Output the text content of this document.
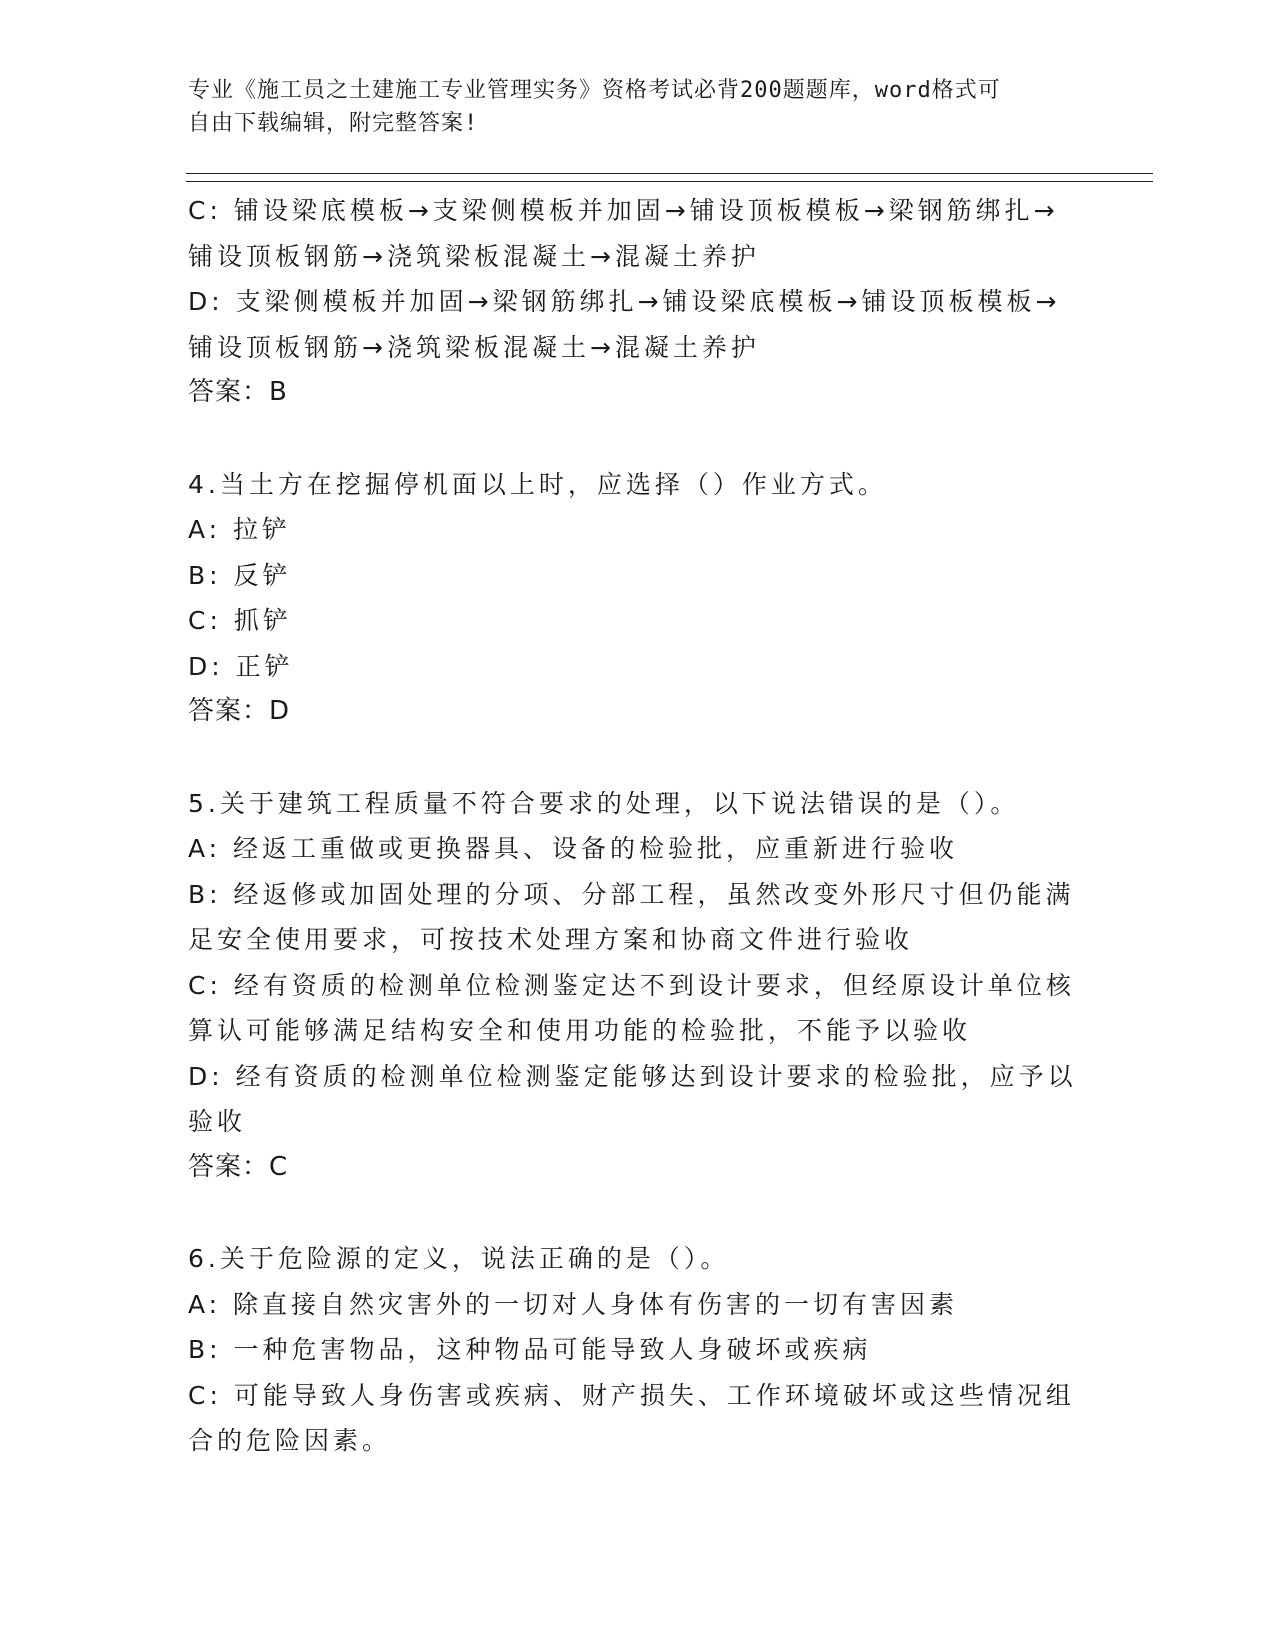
专业《施工员之土建施工专业管理实务》资格考试必背200题题库，word格式可
自由下载编辑，附完整答案!
C: 铺设梁底模板→支梁侧模板并加固→铺设顶板模板→梁钢筋绑扎→
铺设顶板钢筋→浇筑梁板混凝土→混凝土养护
D: 支梁侧模板并加固→梁钢筋绑扎→铺设梁底模板→铺设顶板模板→
铺设顶板钢筋→浇筑梁板混凝土→混凝土养护
答案：B
4.当土方在挖掘停机面以上时，应选择（）作业方式。
A: 拉铲
B: 反铲
C: 抓铲
D: 正铲
答案：D
5.关于建筑工程质量不符合要求的处理，以下说法错误的是（）。
A: 经返工重做或更换器具、设备的检验批，应重新进行验收
B: 经返修或加固处理的分项、分部工程，虽然改变外形尺寸但仍能满
足安全使用要求，可按技术处理方案和协商文件进行验收
C: 经有资质的检测单位检测鉴定达不到设计要求，但经原设计单位核
算认可能够满足结构安全和使用功能的检验批，不能予以验收
D: 经有资质的检测单位检测鉴定能够达到设计要求的检验批，应予以
验收
答案：C
6.关于危险源的定义，说法正确的是（）。
A: 除直接自然灾害外的一切对人身体有伤害的一切有害因素
B: 一种危害物品，这种物品可能导致人身破坏或疾病
C: 可能导致人身伤害或疾病、财产损失、工作环境破坏或这些情况组
合的危险因素。
